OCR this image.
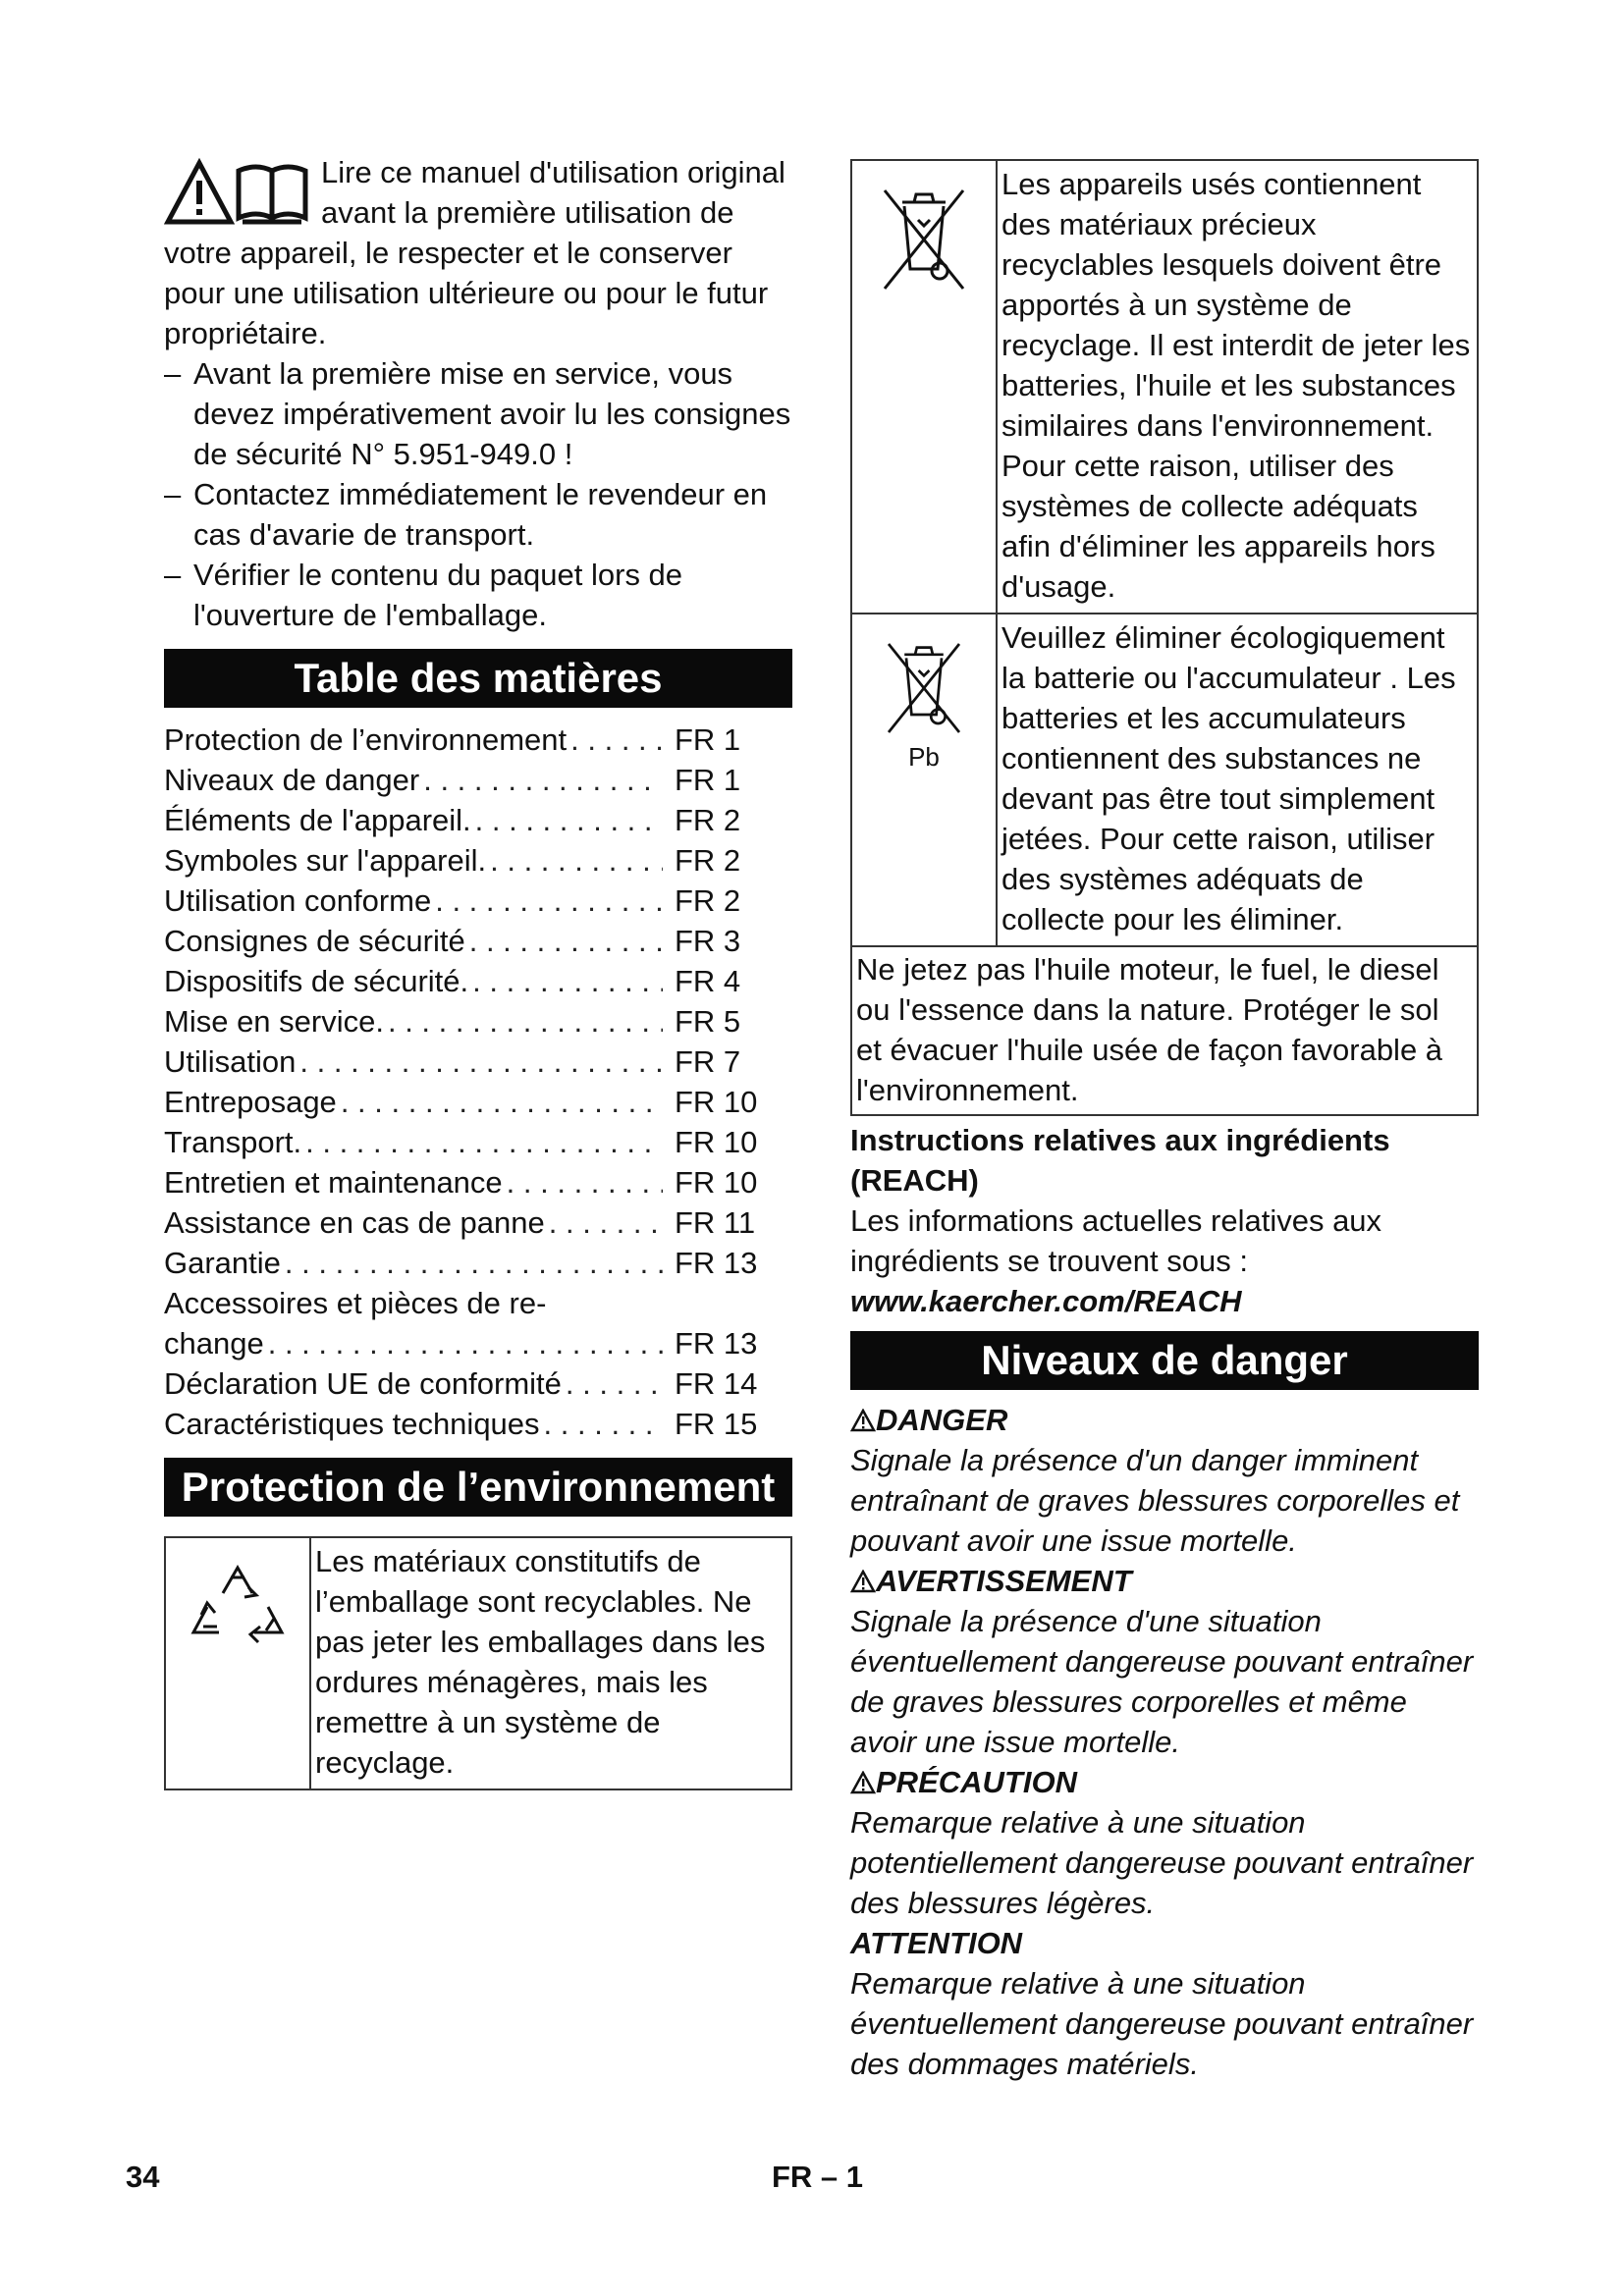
Lire ce manuel d'utilisation original avant la première utilisation de votre appareil, le respecter et le conserver pour une utilisation ultérieure ou pour le futur propriétaire.

– Avant la première mise en service, vous devez impérativement avoir lu les consignes de sécurité N° 5.951-949.0 !
– Contactez immédiatement le revendeur en cas d'avarie de transport.
– Vérifier le contenu du paquet lors de l'ouverture de l'emballage.
Table des matières
Protection de l’environnement . . .	FR 1
Niveaux de danger . . .	FR 1
Éléments de l'appareil. . . .	FR 2
Symboles sur l'appareil. . . .	FR 2
Utilisation conforme . . .	FR 2
Consignes de sécurité . . .	FR 3
Dispositifs de sécurité. . . .	FR 4
Mise en service. . . .	FR 5
Utilisation . . .	FR 7
Entreposage . . .	FR 10
Transport. . . .	FR 10
Entretien et maintenance . . .	FR 10
Assistance en cas de panne . . .	FR 11
Garantie . . .	FR 13
Accessoires et pièces de re-
change . . .	FR 13
Déclaration UE de conformité . . .	FR 14
Caractéristiques techniques . . .	FR 15
Protection de l’environnement
Les matériaux constitutifs de l’emballage sont recyclables. Ne pas jeter les emballages dans les ordures ménagères, mais les remettre à un système de recyclage.
Les appareils usés contiennent des matériaux précieux recyclables lesquels doivent être apportés à un système de recyclage. Il est interdit de jeter les batteries, l'huile et les substances similaires dans l'environnement. Pour cette raison, utiliser des systèmes de collecte adéquats afin d'éliminer les appareils hors d'usage.
Pb
Veuillez éliminer écologiquement la batterie ou l'accumulateur . Les batteries et les accumulateurs contiennent des substances ne devant pas être tout simplement jetées. Pour cette raison, utiliser des systèmes adéquats de collecte pour les éliminer.

Ne jetez pas l'huile moteur, le fuel, le diesel ou l'essence dans la nature. Protéger le sol et évacuer l'huile usée de façon favorable à l'environnement.

Instructions relatives aux ingrédients (REACH)

Les informations actuelles relatives aux ingrédients se trouvent sous :

www.kaercher.com/REACH
Niveaux de danger
DANGER
Signale la présence d'un danger imminent entraînant de graves blessures corporelles et pouvant avoir une issue mortelle.
AVERTISSEMENT
Signale la présence d'une situation éventuellement dangereuse pouvant entraîner de graves blessures corporelles et même avoir une issue mortelle.
PRÉCAUTION
Remarque relative à une situation potentiellement dangereuse pouvant entraîner des blessures légères.
ATTENTION
Remarque relative à une situation éventuellement dangereuse pouvant entraîner des dommages matériels.
34	FR – 1
